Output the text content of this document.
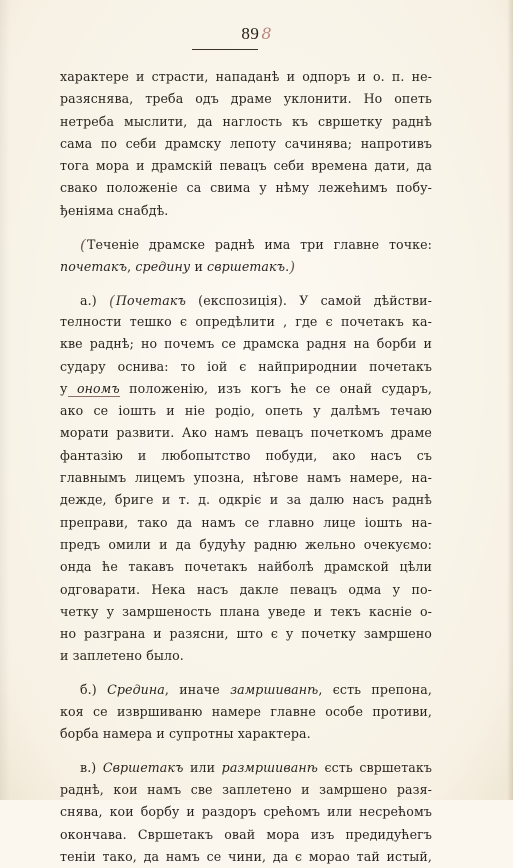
89 8
характере и страсти, нападанѣ и одпоръ и о. п. не-
разяснява, треба одъ драме уклонити. Но опеть
нетреба мыслити, да наглость къ свршетку раднѣ
сама по себи драмску лепоту сачинява; напротивъ
тога мора и драмскій певацъ себи времена дати, да
свако положеніе са свима у нѣму лежећимъ побу-
ђеніяма снабдѣ.
(Теченіе драмске раднѣ има три главне точке:
почетакъ, средину и свршетакъ.)
а.) (Почетакъ (експозиція). У самой дѣйстви-
телности тешко є опредѣлити , где є почетакъ ка-
кве раднѣ; но почемъ се драмска радня на борби и
судару оснива: то іой є найприроднии почетакъ
у ономъ положенію, изъ когъ ће се онай сударъ,
ако се іошть и ніе родіо, опеть у далѣмъ течаю
морати развити. Ако намъ певацъ почеткомъ драме
фантазію и любопытство побуди, ако насъ съ
главнымъ лицемъ упозна, нѣгове намъ намере, на-
дежде, бриге и т. д. одкріє и за далю насъ раднѣ
преправи, тако да намъ се главно лице іошть на-
предъ омили и да будућу радню жельно очекуємо:
онда ће такавъ почетакъ найболѣ драмской цѣли
одговарати. Нека насъ дакле певацъ одма у по-
четку у замршеность плана уведе и текъ касніе о-
но разграна и разясни, што є у почетку замршено
и заплетено было.
б.) Средина, иначе замршиванѣ, єсть препона,
коя се извршиваню намере главне особе противи,
борба намера и супротны характера.
в.) Свршетакъ или размршиванѣ єсть свршетакъ
раднѣ, кои намъ све заплетено и замршено разя-
снява, кои борбу и раздоръ срећомъ или несрећомъ
окончава. Свршетакъ овай мора изъ предидућегъ
теніи тако, да намъ се чини, да є морао тай истый,
